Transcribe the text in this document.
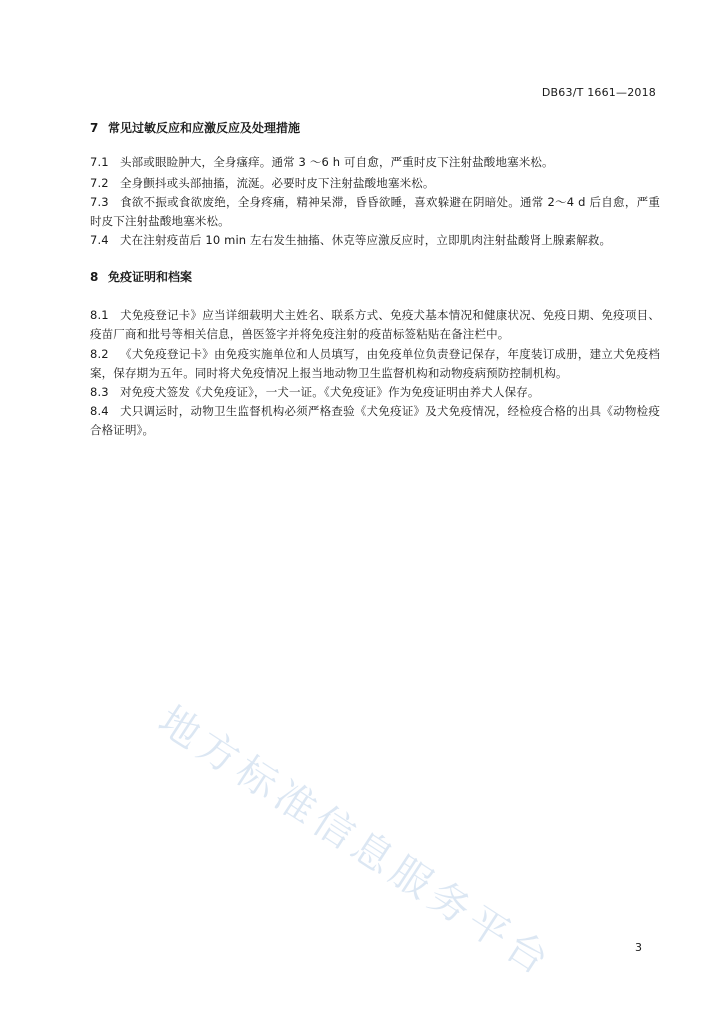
DB63/T 1661—2018
7 常见过敏反应和应激反应及处理措施

7.1 头部或眼睑肿大，全身瘙痒。通常 3 ～6 h 可自愈，严重时皮下注射盐酸地塞米松。

7.2 全身颤抖或头部抽搐，流涎。必要时皮下注射盐酸地塞米松。

7.3 食欲不振或食欲废绝，全身疼痛，精神呆滞，昏昏欲睡，喜欢躲避在阴暗处。通常 2～4 d 后自愈，严重时皮下注射盐酸地塞米松。

7.4 犬在注射疫苗后 10 min 左右发生抽搐、休克等应激反应时，立即肌肉注射盐酸肾上腺素解救。

8 免疫证明和档案

8.1 犬免疫登记卡》应当详细载明犬主姓名、联系方式、免疫犬基本情况和健康状况、免疫日期、免疫项目、疫苗厂商和批号等相关信息，兽医签字并将免疫注射的疫苗标签粘贴在备注栏中。

8.2 《犬免疫登记卡》由免疫实施单位和人员填写，由免疫单位负责登记保存，年度装订成册，建立犬免疫档案，保存期为五年。同时将犬免疫情况上报当地动物卫生监督机构和动物疫病预防控制机构。

8.3 对免疫犬签发《犬免疫证》，一犬一证。《犬免疫证》作为免疫证明由养犬人保存。

8.4 犬只调运时，动物卫生监督机构必须严格查验《犬免疫证》及犬免疫情况，经检疫合格的出具《动物检疫合格证明》。

地方标准信息服务平台	3
